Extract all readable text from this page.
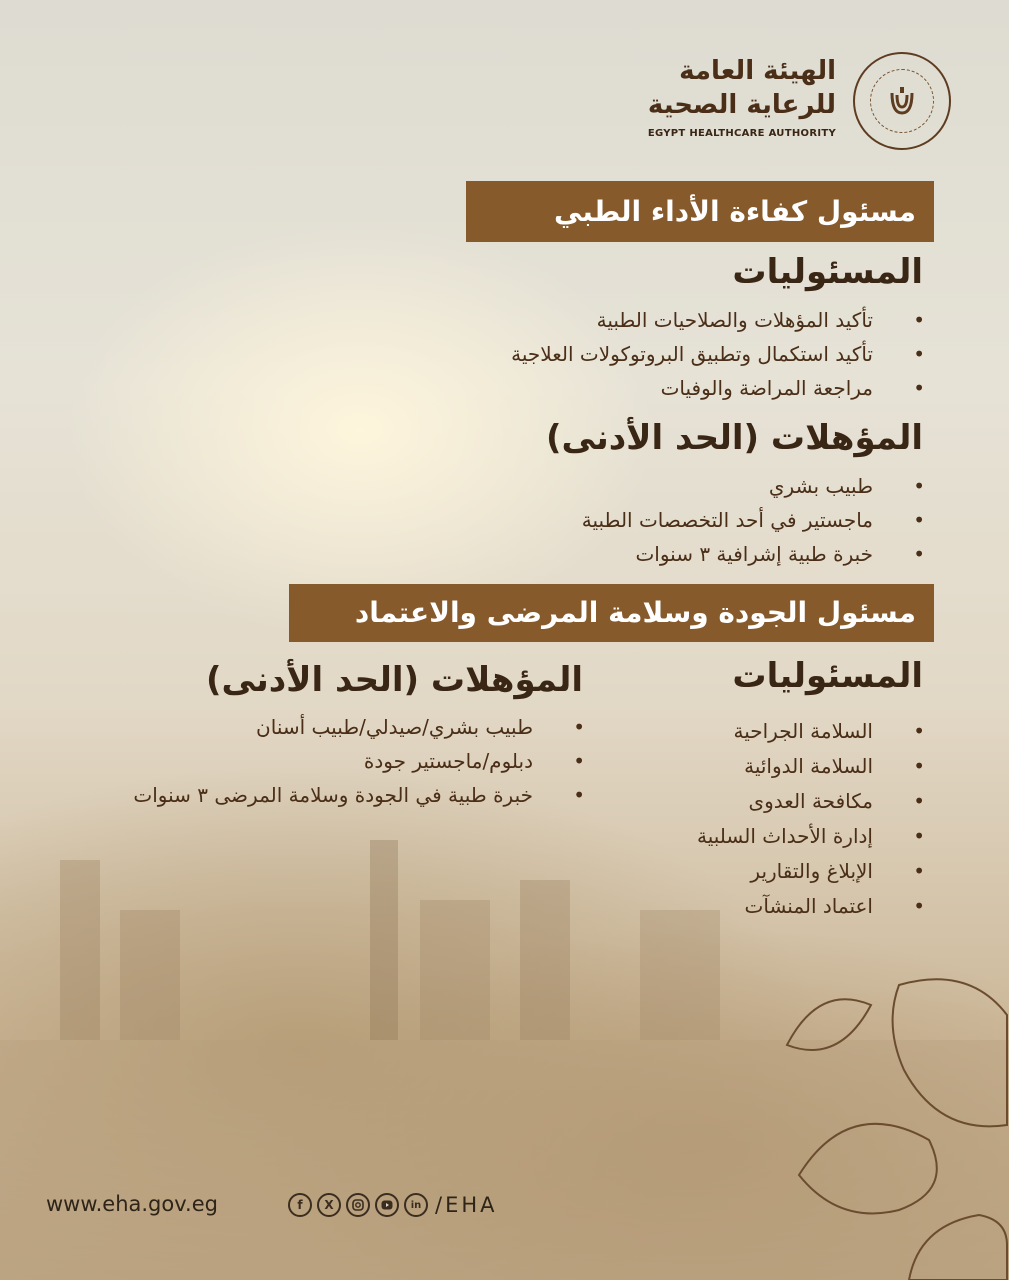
الهيئة العامة
للرعاية الصحية
EGYPT HEALTHCARE AUTHORITY
مسئول كفاءة الأداء الطبي
المسئوليات
• تأكيد المؤهلات والصلاحيات الطبية
• تأكيد استكمال وتطبيق البروتوكولات العلاجية
• مراجعة المراضة والوفيات
المؤهلات (الحد الأدنى)
• طبيب بشري
• ماجستير في أحد التخصصات الطبية
• خبرة طبية إشرافية ٣ سنوات
مسئول الجودة وسلامة المرضى والاعتماد
المسئوليات
• السلامة الجراحية
• السلامة الدوائية
• مكافحة العدوى
• إدارة الأحداث السلبية
• الإبلاغ والتقارير
• اعتماد المنشآت
المؤهلات (الحد الأدنى)
• طبيب بشري/صيدلي/طبيب أسنان
• دبلوم/ماجستير جودة
• خبرة طبية في الجودة وسلامة المرضى ٣ سنوات
www.eha.gov.eg	f	X	in /EHA
